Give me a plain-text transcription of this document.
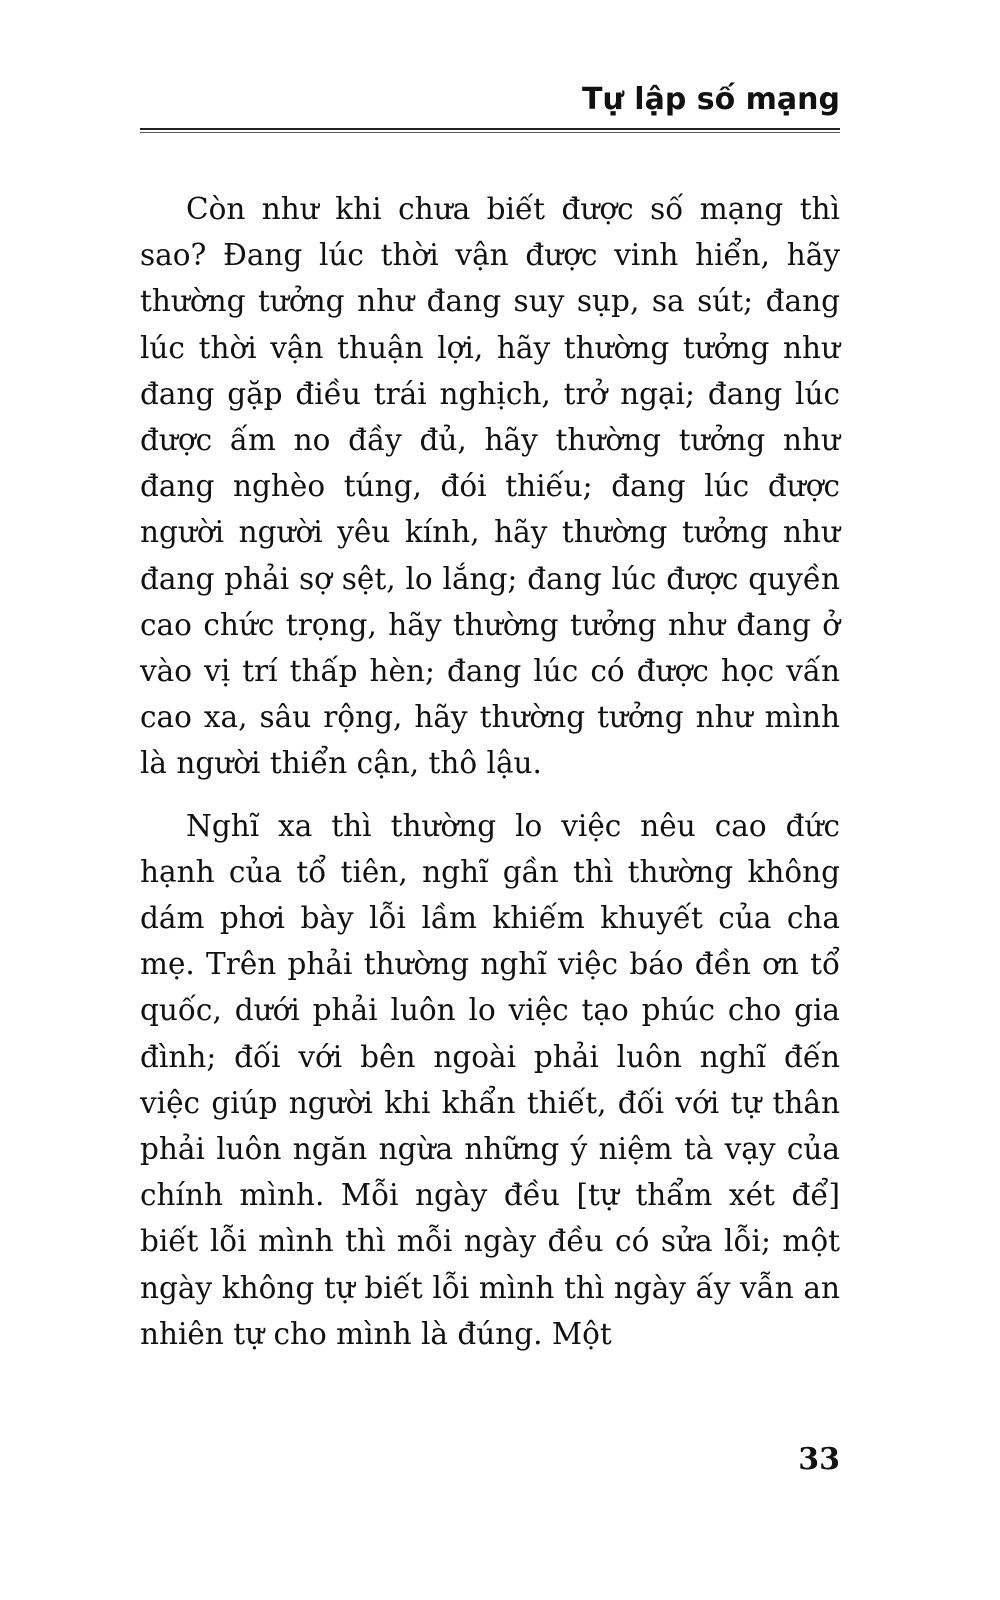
Tự lập số mạng

Còn như khi chưa biết được số mạng thì sao? Đang lúc thời vận được vinh hiển, hãy thường tưởng như đang suy sụp, sa sút; đang lúc thời vận thuận lợi, hãy thường tưởng như đang gặp điều trái nghịch, trở ngại; đang lúc được ấm no đầy đủ, hãy thường tưởng như đang nghèo túng, đói thiếu; đang lúc được người người yêu kính, hãy thường tưởng như đang phải sợ sệt, lo lắng; đang lúc được quyền cao chức trọng, hãy thường tưởng như đang ở vào vị trí thấp hèn; đang lúc có được học vấn cao xa, sâu rộng, hãy thường tưởng như mình là người thiển cận, thô lậu.

Nghĩ xa thì thường lo việc nêu cao đức hạnh của tổ tiên, nghĩ gần thì thường không dám phơi bày lỗi lầm khiếm khuyết của cha mẹ. Trên phải thường nghĩ việc báo đền ơn tổ quốc, dưới phải luôn lo việc tạo phúc cho gia đình; đối với bên ngoài phải luôn nghĩ đến việc giúp người khi khẩn thiết, đối với tự thân phải luôn ngăn ngừa những ý niệm tà vạy của chính mình. Mỗi ngày đều [tự thẩm xét để] biết lỗi mình thì mỗi ngày đều có sửa lỗi; một ngày không tự biết lỗi mình thì ngày ấy vẫn an nhiên tự cho mình là đúng. Một

33
